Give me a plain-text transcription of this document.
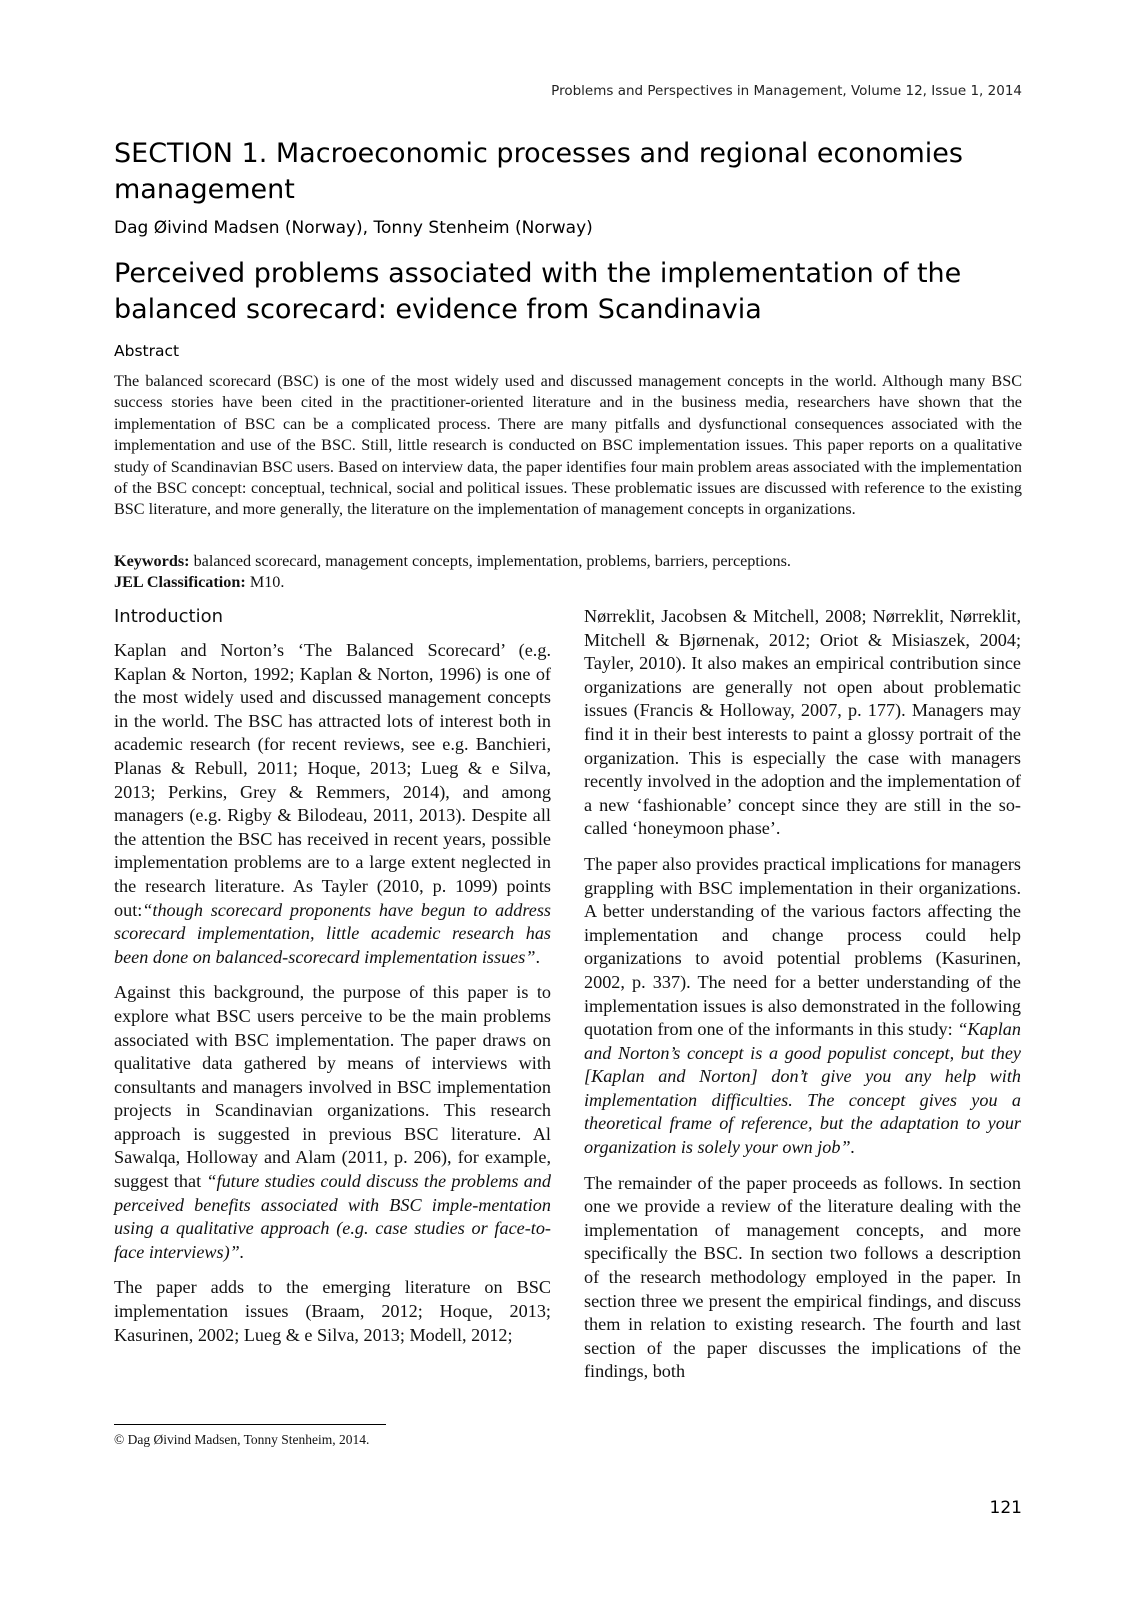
Problems and Perspectives in Management, Volume 12, Issue 1, 2014
SECTION 1. Macroeconomic processes and regional economies management
Dag Øivind Madsen (Norway), Tonny Stenheim (Norway)
Perceived problems associated with the implementation of the balanced scorecard: evidence from Scandinavia
Abstract

The balanced scorecard (BSC) is one of the most widely used and discussed management concepts in the world. Although many BSC success stories have been cited in the practitioner-oriented literature and in the business media, researchers have shown that the implementation of BSC can be a complicated process. There are many pitfalls and dysfunctional consequences associated with the implementation and use of the BSC. Still, little research is conducted on BSC implementation issues. This paper reports on a qualitative study of Scandinavian BSC users. Based on interview data, the paper identifies four main problem areas associated with the implementation of the BSC concept: conceptual, technical, social and political issues. These problematic issues are discussed with reference to the existing BSC literature, and more generally, the literature on the implementation of management concepts in organizations.

Keywords: balanced scorecard, management concepts, implementation, problems, barriers, perceptions.
JEL Classification: M10.
Introduction

Kaplan and Norton’s ‘The Balanced Scorecard’ (e.g. Kaplan & Norton, 1992; Kaplan & Norton, 1996) is one of the most widely used and discussed management concepts in the world. The BSC has attracted lots of interest both in academic research (for recent reviews, see e.g. Banchieri, Planas & Rebull, 2011; Hoque, 2013; Lueg & e Silva, 2013; Perkins, Grey & Remmers, 2014), and among managers (e.g. Rigby & Bilodeau, 2011, 2013). Despite all the attention the BSC has received in recent years, possible implementation problems are to a large extent neglected in the research literature. As Tayler (2010, p. 1099) points out:“though scorecard proponents have begun to address scorecard implementation, little academic research has been done on balanced-scorecard implementation issues”.

Against this background, the purpose of this paper is to explore what BSC users perceive to be the main problems associated with BSC implementation. The paper draws on qualitative data gathered by means of interviews with consultants and managers involved in BSC implementation projects in Scandinavian organizations. This research approach is suggested in previous BSC literature. Al Sawalqa, Holloway and Alam (2011, p. 206), for example, suggest that “future studies could discuss the problems and perceived benefits associated with BSC imple-mentation using a qualitative approach (e.g. case studies or face-to-face interviews)”.

The paper adds to the emerging literature on BSC implementation issues (Braam, 2012; Hoque, 2013; Kasurinen, 2002; Lueg & e Silva, 2013; Modell, 2012;

Nørreklit, Jacobsen & Mitchell, 2008; Nørreklit, Nørreklit, Mitchell & Bjørnenak, 2012; Oriot & Misiaszek, 2004; Tayler, 2010). It also makes an empirical contribution since organizations are generally not open about problematic issues (Francis & Holloway, 2007, p. 177). Managers may find it in their best interests to paint a glossy portrait of the organization. This is especially the case with managers recently involved in the adoption and the implementation of a new ‘fashionable’ concept since they are still in the so-called ‘honeymoon phase’.

The paper also provides practical implications for managers grappling with BSC implementation in their organizations. A better understanding of the various factors affecting the implementation and change process could help organizations to avoid potential problems (Kasurinen, 2002, p. 337). The need for a better understanding of the implementation issues is also demonstrated in the following quotation from one of the informants in this study: “Kaplan and Norton’s concept is a good populist concept, but they [Kaplan and Norton] don’t give you any help with implementation difficulties. The concept gives you a theoretical frame of reference, but the adaptation to your organization is solely your own job”.

The remainder of the paper proceeds as follows. In section one we provide a review of the literature dealing with the implementation of management concepts, and more specifically the BSC. In section two follows a description of the research methodology employed in the paper. In section three we present the empirical findings, and discuss them in relation to existing research. The fourth and last section of the paper discusses the implications of the findings, both

© Dag Øivind Madsen, Tonny Stenheim, 2014.
121
